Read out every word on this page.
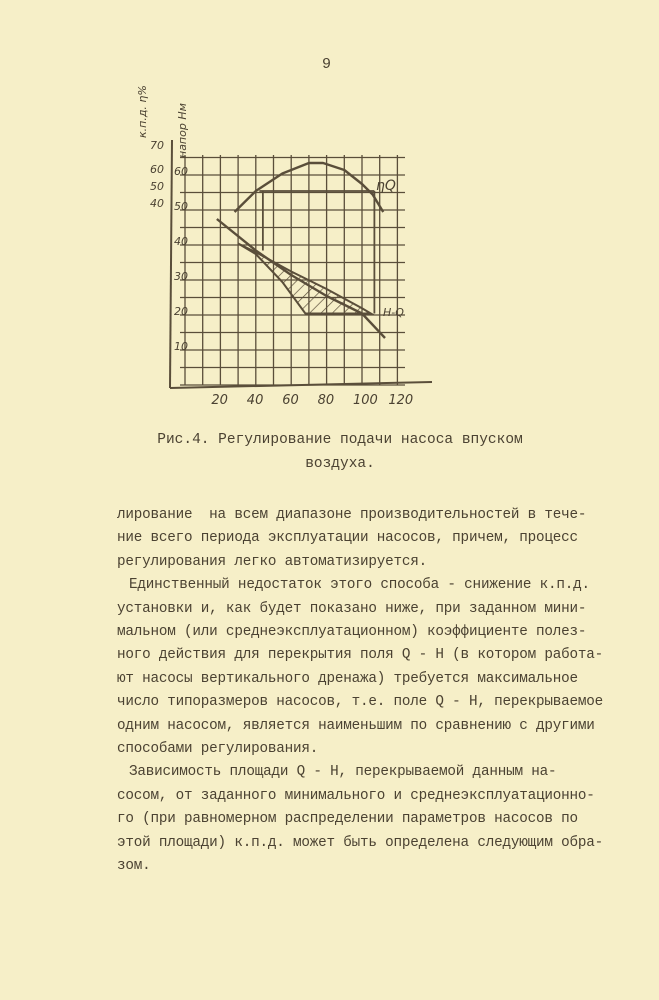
9
20 40 60 80 100 120
10
20
30
40
50
60
40
50
60
70 напор Нм
к.п.д. η%
ηQ
H-Q
Рис.4. Регулирование подачи насоса впуском
воздуха.

лирование  на всем диапазоне производительностей в тече-

ние всего периода эксплуатации насосов, причем, процесс

регулирования легко автоматизируется.

Единственный недостаток этого способа - снижение к.п.д.

установки и, как будет показано ниже, при заданном мини-

мальном (или среднеэксплуатационном) коэффициенте полез-

ного действия для перекрытия поля Q - H (в котором работа-

ют насосы вертикального дренажа) требуется максимальное

число типоразмеров насосов, т.е. поле Q - H, перекрываемое

одним насосом, является наименьшим по сравнению с другими

способами регулирования.

Зависимость площади Q - H, перекрываемой данным на-

сосом, от заданного минимального и среднеэксплуатационно-

го (при равномерном распределении параметров насосов по

этой площади) к.п.д. может быть определена следующим обра-

зом.
